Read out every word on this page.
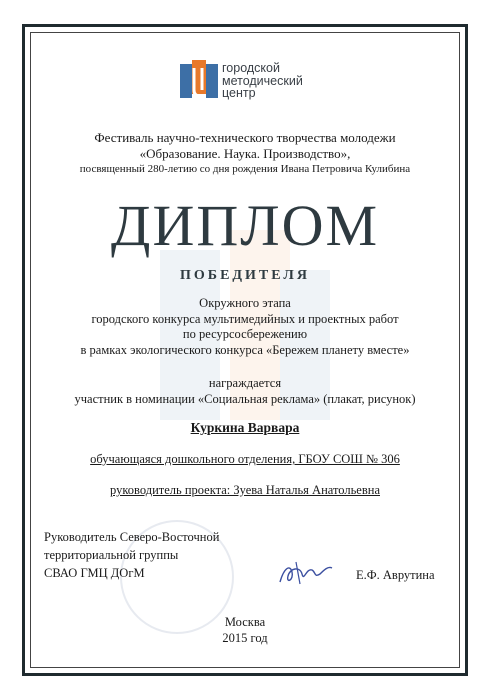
городской
методический
центр
Фестиваль научно-технического творчества молодежи
«Образование. Наука. Производство»,
посвященный 280-летию со дня рождения Ивана Петровича Кулибина
ДИПЛОМ
ПОБЕДИТЕЛЯ
Окружного этапа
городского конкурса мультимедийных и проектных работ
по ресурсосбережению
в рамках экологического конкурса «Бережем планету вместе»
награждается
участник в номинации «Социальная реклама» (плакат, рисунок)
Куркина Варвара
обучающаяся дошкольного отделения, ГБОУ СОШ № 306
руководитель проекта: Зуева Наталья Анатольевна
Руководитель Северо-Восточной
территориальной группы
СВАО ГМЦ ДОгМ	Е.Ф. Аврутина
Москва
2015 год
